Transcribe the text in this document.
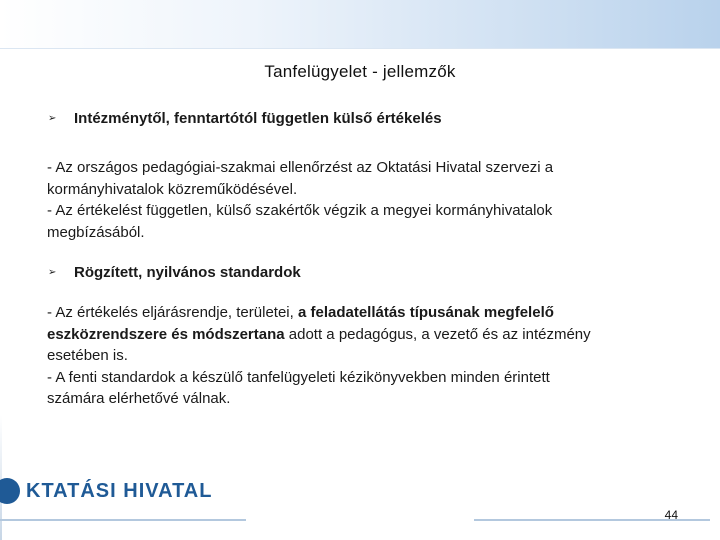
Tanfelügyelet - jellemzők
➢	Intézménytől, fenntartótól független külső értékelés
- Az országos pedagógiai-szakmai ellenőrzést az Oktatási Hivatal szervezi a
kormányhivatalok közreműködésével.
- Az értékelést független, külső szakértők végzik a megyei kormányhivatalok
megbízásából.
➢	Rögzített, nyilvános standardok
- Az értékelés eljárásrendje, területei, a feladatellátás típusának megfelelő
eszközrendszere és módszertana adott a pedagógus, a vezető és az intézmény
esetében is.
- A fenti standardok a készülő tanfelügyeleti kézikönyvekben minden érintett
számára elérhetővé válnak.
KTATÁSI HIVATAL
44
